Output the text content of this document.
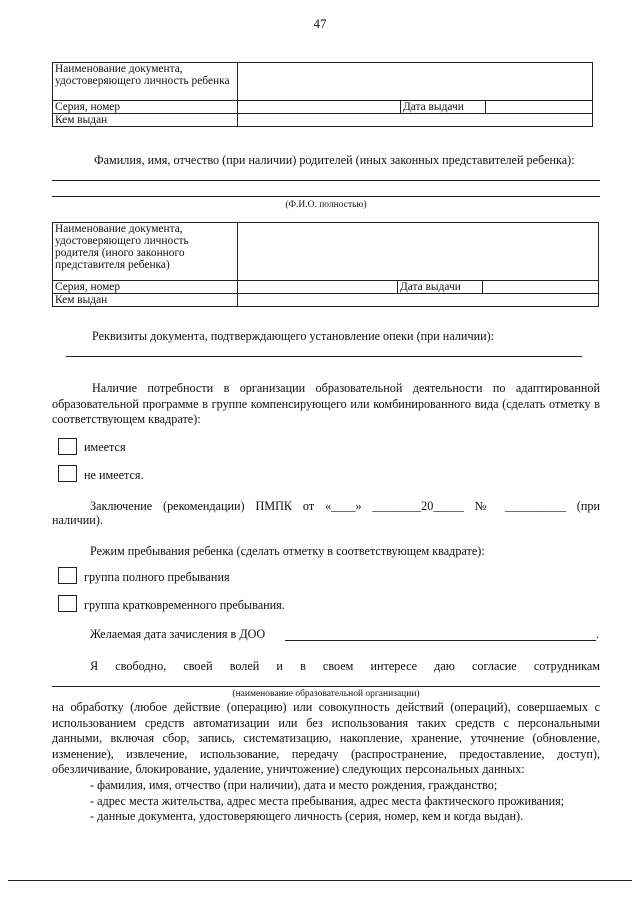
47
Наименование документа, удостоверяющего личность ребенка			
Серия, номер		Дата выдачи	
Кем выдан			
Фамилия, имя, отчество (при наличии) родителей (иных законных представителей ребенка):
(Ф.И.О. полностью)
Наименование документа, удостоверяющего личность родителя (иного законного представителя ребенка)			
Серия, номер		Дата выдачи	
Кем выдан			
Реквизиты документа, подтверждающего установление опеки (при наличии):
Наличие потребности в организации образовательной деятельности по адаптированной образовательной программе в группе компенсирующего или комбинированного вида (сделать отметку в соответствующем квадрате):
имеется
не имеется.
Заключение (рекомендации) ПМПК от «____» ________20_____ № __________ (при
наличии).
Режим пребывания ребенка (сделать отметку в соответствующем квадрате):
группа полного пребывания
группа кратковременного пребывания.
Желаемая дата зачисления в ДОО	.
Я свободно, своей волей и в своем интересе даю согласие сотрудникам
(наименование образовательной организации)
на обработку (любое действие (операцию) или совокупность действий (операций), совершаемых с использованием средств автоматизации или без использования таких средств с персональными данными, включая сбор, запись, систематизацию, накопление, хранение, уточнение (обновление, изменение), извлечение, использование, передачу (распространение, предоставление, доступ), обезличивание, блокирование, удаление, уничтожение) следующих персональных данных:
- фамилия, имя, отчество (при наличии), дата и место рождения, гражданство;
- адрес места жительства, адрес места пребывания, адрес места фактического проживания;
- данные документа, удостоверяющего личность (серия, номер, кем и когда выдан).
